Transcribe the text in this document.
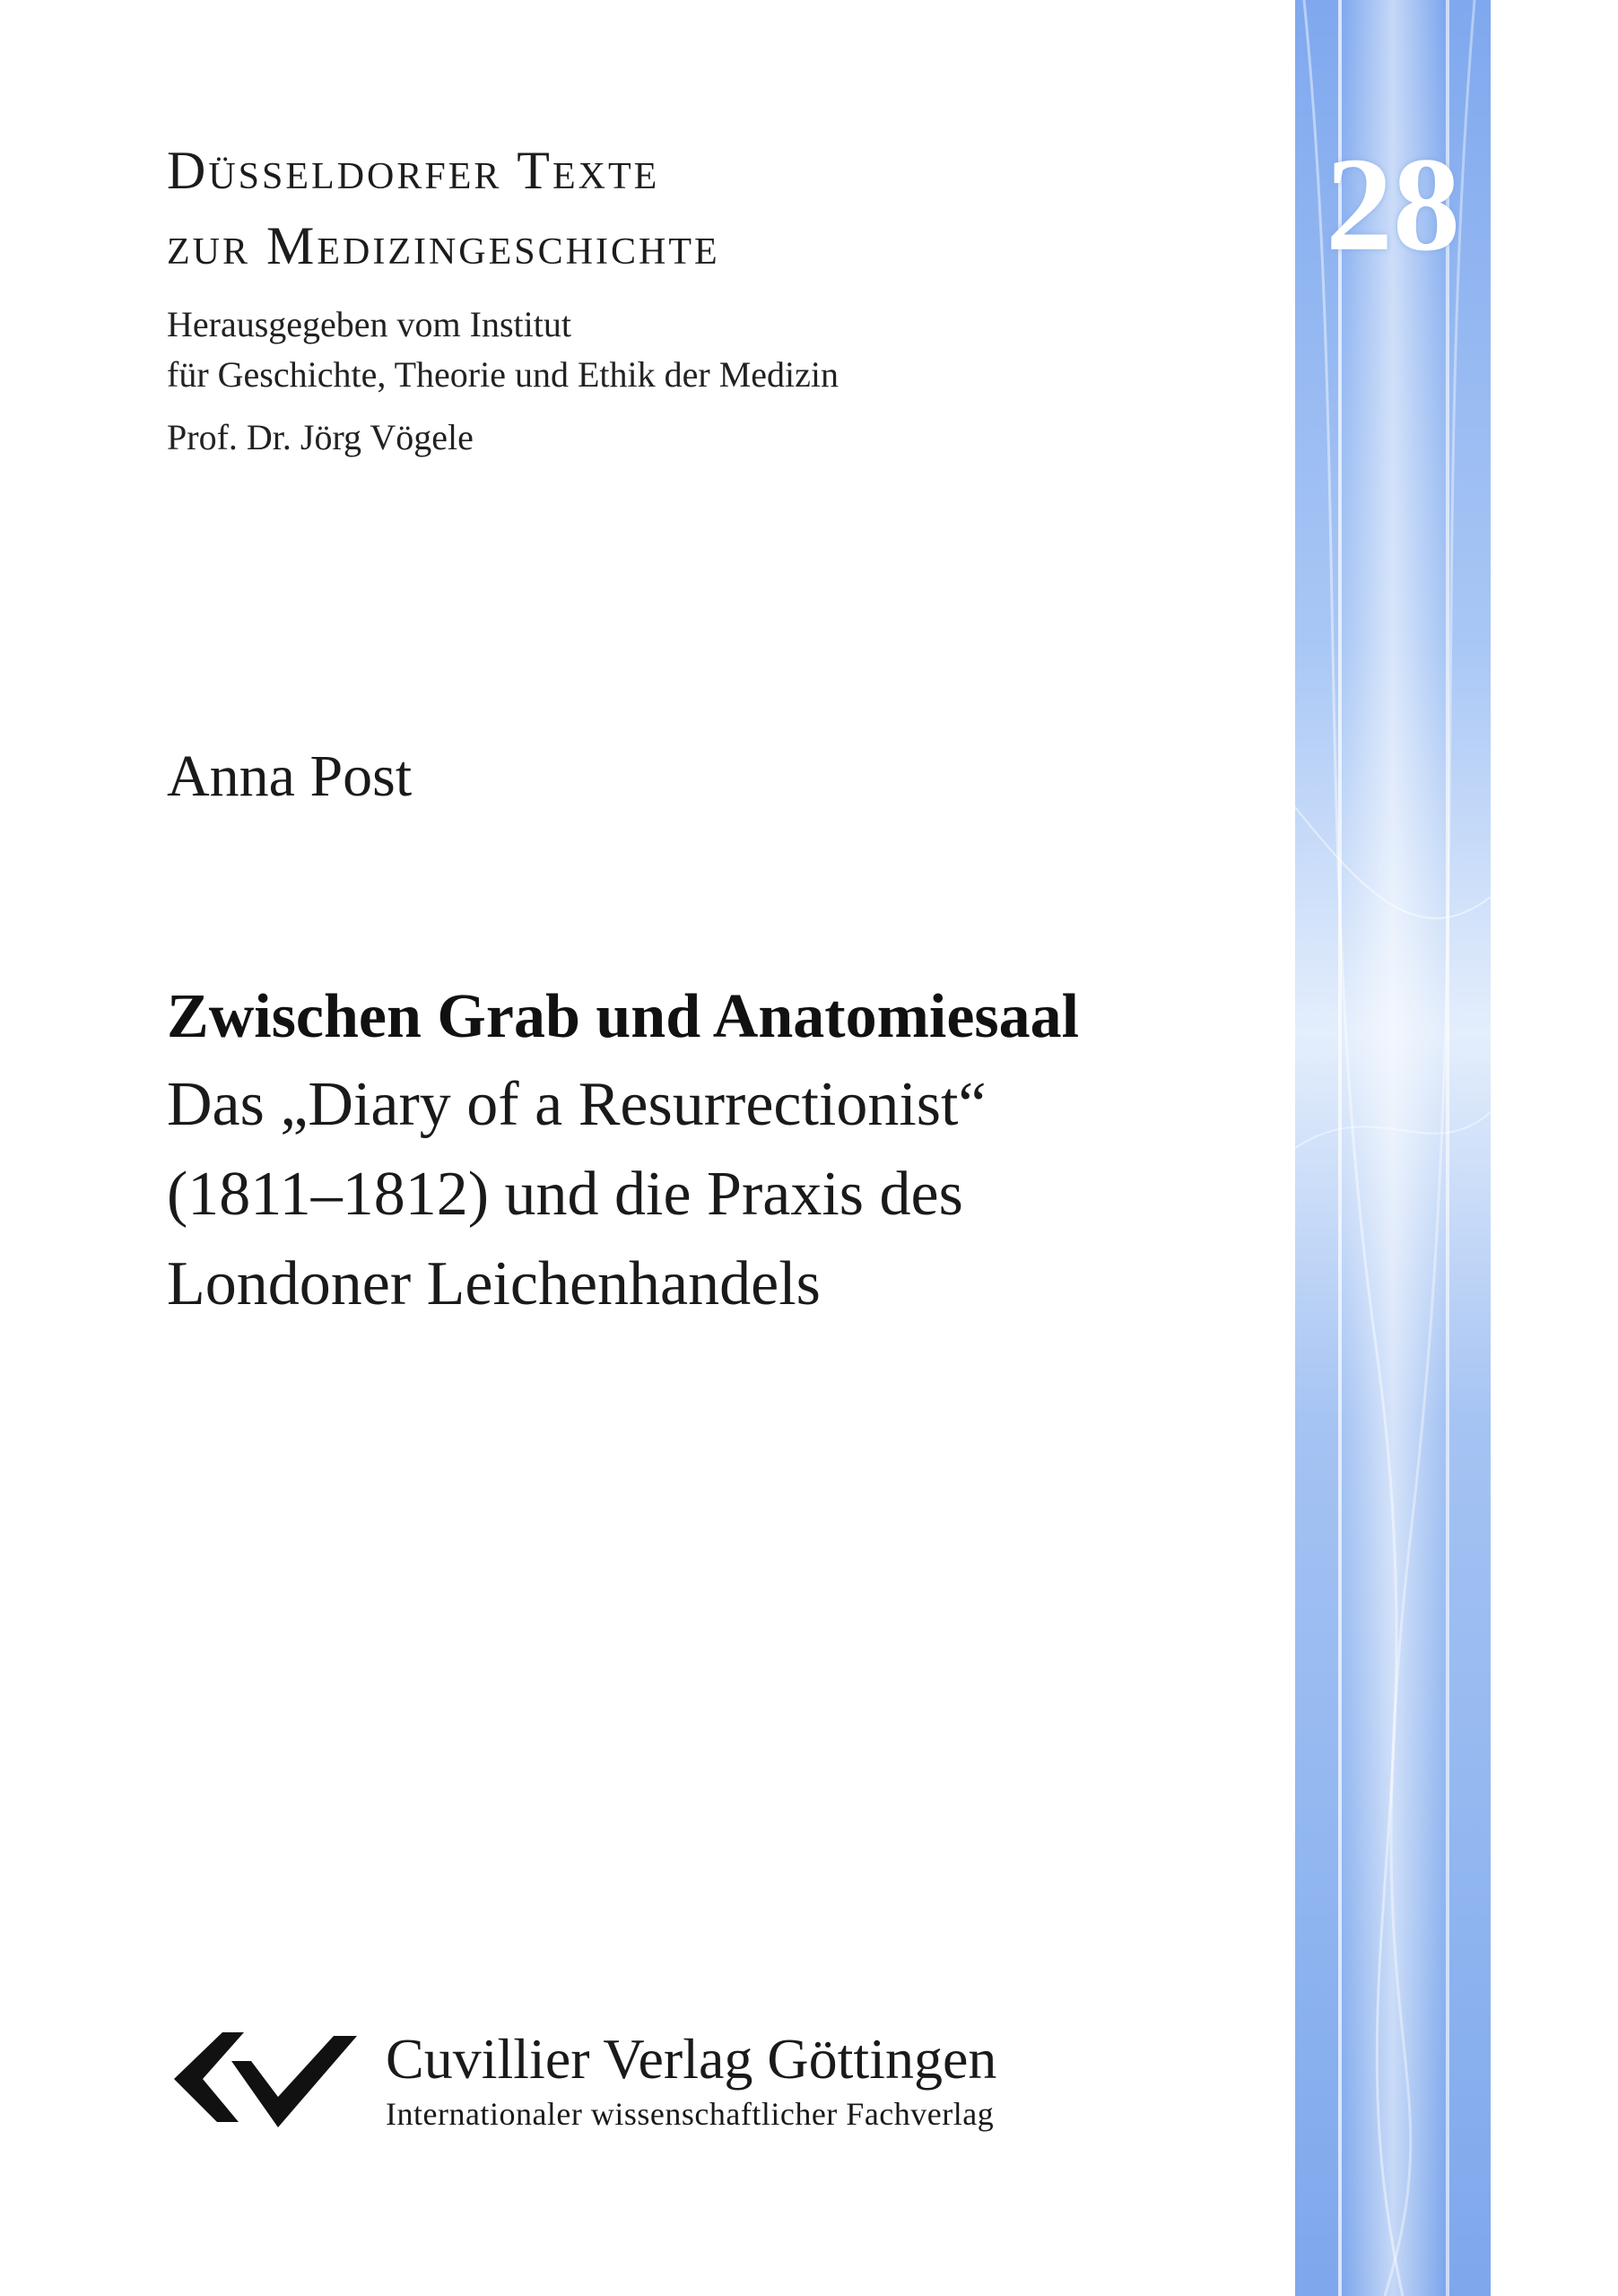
Düsseldorfer Texte
zur Medizingeschichte
Herausgegeben vom Institut
für Geschichte, Theorie und Ethik der Medizin
Prof. Dr. Jörg Vögele
Anna Post
Zwischen Grab und Anatomiesaal
Das „Diary of a Resurrectionist“
(1811–1812) und die Praxis des
Londoner Leichenhandels
Cuvillier Verlag Göttingen
Internationaler wissenschaftlicher Fachverlag
28
